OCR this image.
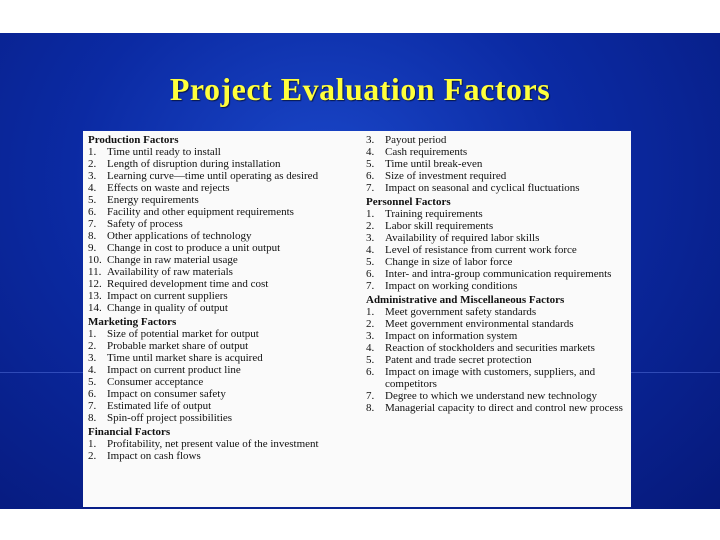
Project Evaluation Factors
Production Factors
1. Time until ready to install
2. Length of disruption during installation
3. Learning curve—time until operating as desired
4. Effects on waste and rejects
5. Energy requirements
6. Facility and other equipment requirements
7. Safety of process
8. Other applications of technology
9. Change in cost to produce a unit output
10. Change in raw material usage
11. Availability of raw materials
12. Required development time and cost
13. Impact on current suppliers
14. Change in quality of output
Marketing Factors
1. Size of potential market for output
2. Probable market share of output
3. Time until market share is acquired
4. Impact on current product line
5. Consumer acceptance
6. Impact on consumer safety
7. Estimated life of output
8. Spin-off project possibilities
Financial Factors
1. Profitability, net present value of the investment
2. Impact on cash flows
3. Payout period
4. Cash requirements
5. Time until break-even
6. Size of investment required
7. Impact on seasonal and cyclical fluctuations
Personnel Factors
1. Training requirements
2. Labor skill requirements
3. Availability of required labor skills
4. Level of resistance from current work force
5. Change in size of labor force
6. Inter- and intra-group communication requirements
7. Impact on working conditions
Administrative and Miscellaneous Factors
1. Meet government safety standards
2. Meet government environmental standards
3. Impact on information system
4. Reaction of stockholders and securities markets
5. Patent and trade secret protection
6. Impact on image with customers, suppliers, and competitors
7. Degree to which we understand new technology
8. Managerial capacity to direct and control new process
